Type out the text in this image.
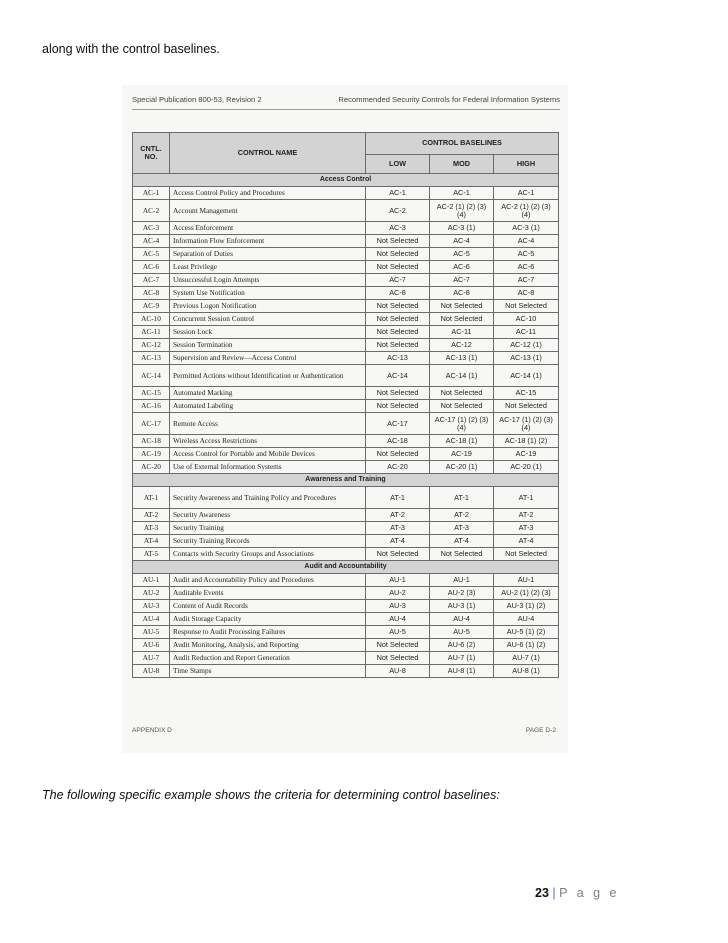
along with the control baselines.
Special Publication 800-53, Revision 2	Recommended Security Controls for Federal Information Systems
CNTL. NO.	CONTROL NAME	CONTROL BASELINES		
		LOW	MOD	HIGH
Access Control				
AC-1	Access Control Policy and Procedures	AC-1	AC-1	AC-1
AC-2	Account Management	AC-2	AC-2 (1) (2) (3) (4)	AC-2 (1) (2) (3) (4)
AC-3	Access Enforcement	AC-3	AC-3 (1)	AC-3 (1)
AC-4	Information Flow Enforcement	Not Selected	AC-4	AC-4
AC-5	Separation of Duties	Not Selected	AC-5	AC-5
AC-6	Least Privilege	Not Selected	AC-6	AC-6
AC-7	Unsuccessful Login Attempts	AC-7	AC-7	AC-7
AC-8	System Use Notification	AC-8	AC-8	AC-8
AC-9	Previous Logon Notification	Not Selected	Not Selected	Not Selected
AC-10	Concurrent Session Control	Not Selected	Not Selected	AC-10
AC-11	Session Lock	Not Selected	AC-11	AC-11
AC-12	Session Termination	Not Selected	AC-12	AC-12 (1)
AC-13	Supervision and Review—Access Control	AC-13	AC-13 (1)	AC-13 (1)
AC-14	Permitted Actions without Identification or Authentication	AC-14	AC-14 (1)	AC-14 (1)
AC-15	Automated Marking	Not Selected	Not Selected	AC-15
AC-16	Automated Labeling	Not Selected	Not Selected	Not Selected
AC-17	Remote Access	AC-17	AC-17 (1) (2) (3) (4)	AC-17 (1) (2) (3) (4)
AC-18	Wireless Access Restrictions	AC-18	AC-18 (1)	AC-18 (1) (2)
AC-19	Access Control for Portable and Mobile Devices	Not Selected	AC-19	AC-19
AC-20	Use of External Information Systems	AC-20	AC-20 (1)	AC-20 (1)
Awareness and Training				
AT-1	Security Awareness and Training Policy and Procedures	AT-1	AT-1	AT-1
AT-2	Security Awareness	AT-2	AT-2	AT-2
AT-3	Security Training	AT-3	AT-3	AT-3
AT-4	Security Training Records	AT-4	AT-4	AT-4
AT-5	Contacts with Security Groups and Associations	Not Selected	Not Selected	Not Selected
Audit and Accountability				
AU-1	Audit and Accountability Policy and Procedures	AU-1	AU-1	AU-1
AU-2	Auditable Events	AU-2	AU-2 (3)	AU-2 (1) (2) (3)
AU-3	Content of Audit Records	AU-3	AU-3 (1)	AU-3 (1) (2)
AU-4	Audit Storage Capacity	AU-4	AU-4	AU-4
AU-5	Response to Audit Processing Failures	AU-5	AU-5	AU-5 (1) (2)
AU-6	Audit Monitoring, Analysis, and Reporting	Not Selected	AU-6 (2)	AU-6 (1) (2)
AU-7	Audit Reduction and Report Generation	Not Selected	AU-7 (1)	AU-7 (1)
AU-8	Time Stamps	AU-8	AU-8 (1)	AU-8 (1)
APPENDIX D	PAGE D-2
The following specific example shows the criteria for determining control baselines:
23 | P a g e
